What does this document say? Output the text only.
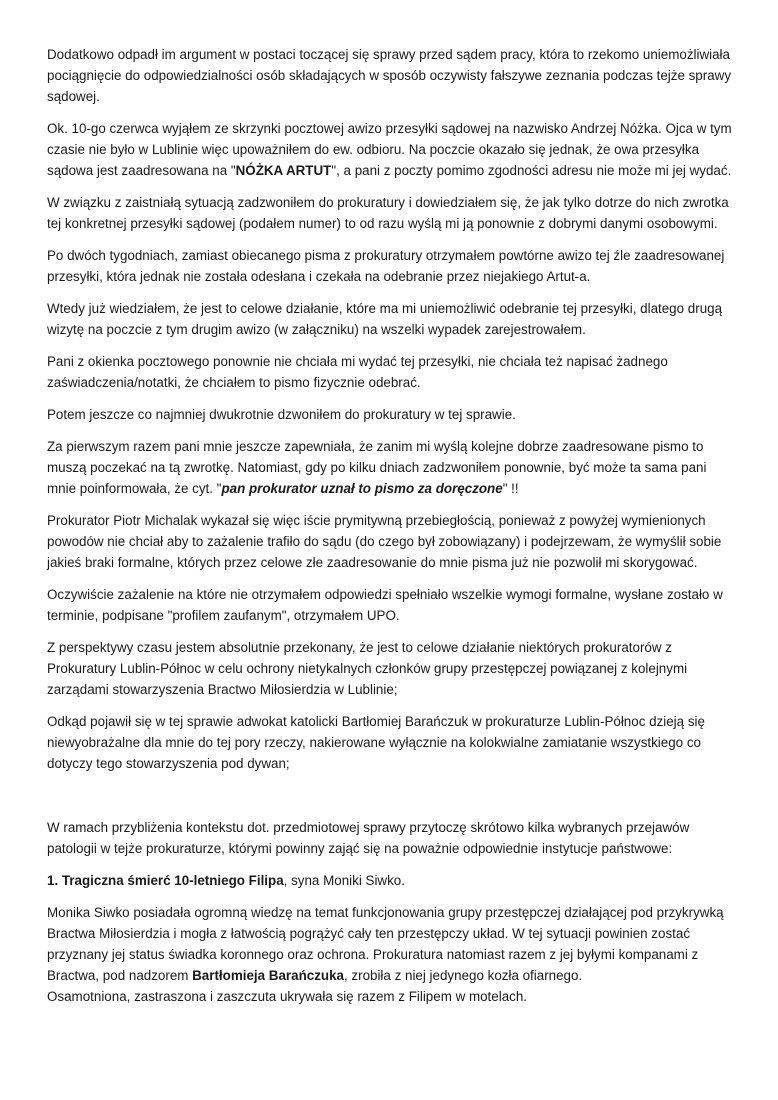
Dodatkowo odpadł im argument w postaci toczącej się sprawy przed sądem pracy, która to rzekomo uniemożliwiała pociągnięcie do odpowiedzialności osób składających w sposób oczywisty fałszywe zeznania podczas tejże sprawy sądowej.

Ok. 10-go czerwca wyjąłem ze skrzynki pocztowej awizo przesyłki sądowej na nazwisko Andrzej Nóżka. Ojca w tym czasie nie było w Lublinie więc upoważniłem do ew. odbioru. Na poczcie okazało się jednak, że owa przesyłka sądowa jest zaadresowana na "NÓŻKA ARTUT", a pani z poczty pomimo zgodności adresu nie może mi jej wydać.

W związku z zaistniałą sytuacją zadzwoniłem do prokuratury i dowiedziałem się, że jak tylko dotrze do nich zwrotka tej konkretnej przesyłki sądowej (podałem numer) to od razu wyślą mi ją ponownie z dobrymi danymi osobowymi.

Po dwóch tygodniach, zamiast obiecanego pisma z prokuratury otrzymałem powtórne awizo tej źle zaadresowanej przesyłki, która jednak nie została odesłana i czekała na odebranie przez niejakiego Artut-a.

Wtedy już wiedziałem, że jest to celowe działanie, które ma mi uniemożliwić odebranie tej przesyłki, dlatego drugą wizytę na poczcie z tym drugim awizo (w załączniku) na wszelki wypadek zarejestrowałem.

Pani z okienka pocztowego ponownie nie chciała mi wydać tej przesyłki, nie chciała też napisać żadnego zaświadczenia/notatki, że chciałem to pismo fizycznie odebrać.

Potem jeszcze co najmniej dwukrotnie dzwoniłem do prokuratury w tej sprawie.

Za pierwszym razem pani mnie jeszcze zapewniała, że zanim mi wyślą kolejne dobrze zaadresowane pismo to muszą poczekać na tą zwrotkę. Natomiast, gdy po kilku dniach zadzwoniłem ponownie, być może ta sama pani mnie poinformowała, że cyt. "pan prokurator uznał to pismo za doręczone" !!

Prokurator Piotr Michalak wykazał się więc iście prymitywną przebiegłością, ponieważ z powyżej wymienionych powodów nie chciał aby to zażalenie trafiło do sądu (do czego był zobowiązany) i podejrzewam, że wymyślił sobie jakieś braki formalne, których przez celowe złe zaadresowanie do mnie pisma już nie pozwolił mi skorygować.

Oczywiście zażalenie na które nie otrzymałem odpowiedzi spełniało wszelkie wymogi formalne, wysłane zostało w terminie, podpisane "profilem zaufanym", otrzymałem UPO.

Z perspektywy czasu jestem absolutnie przekonany, że jest to celowe działanie niektórych prokuratorów z Prokuratury Lublin-Północ w celu ochrony nietykalnych członków grupy przestępczej powiązanej z kolejnymi zarządami stowarzyszenia Bractwo Miłosierdzia w Lublinie;

Odkąd pojawił się w tej sprawie adwokat katolicki Bartłomiej Barańczuk w prokuraturze Lublin-Północ dzieją się niewyobrażalne dla mnie do tej pory rzeczy, nakierowane wyłącznie na kolokwialne zamiatanie wszystkiego co dotyczy tego stowarzyszenia pod dywan;

W ramach przybliżenia kontekstu dot. przedmiotowej sprawy przytoczę skrótowo kilka wybranych przejawów patologii w tejże prokuraturze, którymi powinny zająć się na poważnie odpowiednie instytucje państwowe:

1. Tragiczna śmierć 10-letniego Filipa, syna Moniki Siwko.

Monika Siwko posiadała ogromną wiedzę na temat funkcjonowania grupy przestępczej działającej pod przykrywką Bractwa Miłosierdzia i mogła z łatwością pogrążyć cały ten przestępczy układ. W tej sytuacji powinien zostać przyznany jej status świadka koronnego oraz ochrona. Prokuratura natomiast razem z jej byłymi kompanami z Bractwa, pod nadzorem Bartłomieja Barańczuka, zrobiła z niej jedynego kozła ofiarnego.
Osamotniona, zastraszona i zaszczuta ukrywała się razem z Filipem w motelach.
